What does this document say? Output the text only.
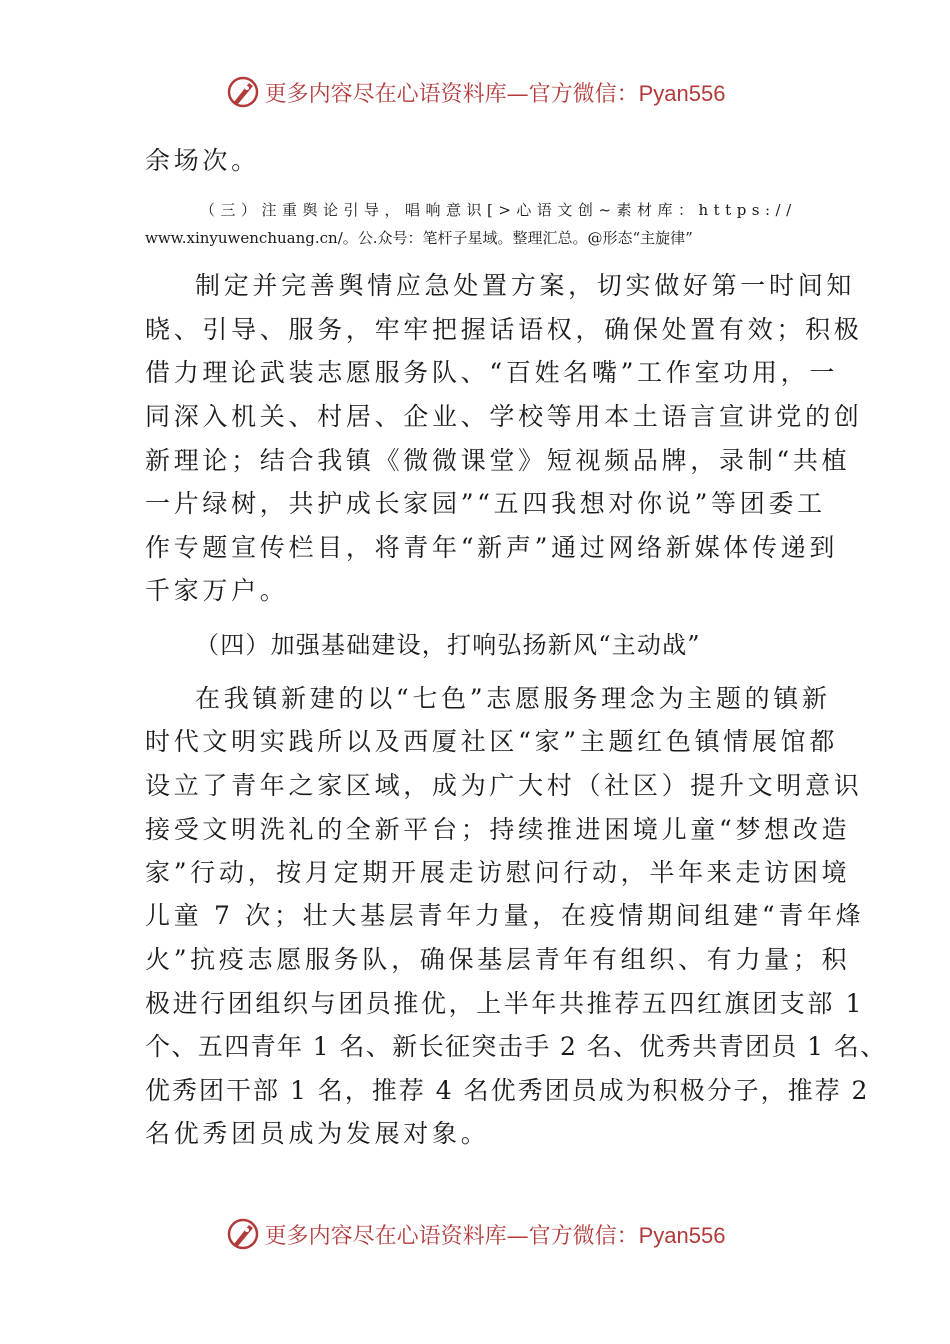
更多内容尽在心语资料库—官方微信：Pyan556
余场次。
（三）注重舆论引导，唱响意识[>心语文创~素材库：https://
www.xinyuwenchuang.cn/。公.众号：笔杆子星域。整理汇总。@形态“主旋律”
制定并完善舆情应急处置方案，切实做好第一时间知
晓、引导、服务，牢牢把握话语权，确保处置有效；积极
借力理论武装志愿服务队、“百姓名嘴”工作室功用，一
同深入机关、村居、企业、学校等用本土语言宣讲党的创
新理论；结合我镇《微微课堂》短视频品牌，录制“共植
一片绿树，共护成长家园”“五四我想对你说”等团委工
作专题宣传栏目，将青年“新声”通过网络新媒体传递到
千家万户。
（四）加强基础建设，打响弘扬新风“主动战”
在我镇新建的以“七色”志愿服务理念为主题的镇新
时代文明实践所以及西厦社区“家”主题红色镇情展馆都
设立了青年之家区域，成为广大村（社区）提升文明意识
接受文明洗礼的全新平台；持续推进困境儿童“梦想改造
家”行动，按月定期开展走访慰问行动，半年来走访困境
儿童 7 次；壮大基层青年力量，在疫情期间组建“青年烽
火”抗疫志愿服务队，确保基层青年有组织、有力量；积
极进行团组织与团员推优，上半年共推荐五四红旗团支部 1
个、五四青年 1 名、新长征突击手 2 名、优秀共青团员 1 名、
优秀团干部 1 名，推荐 4 名优秀团员成为积极分子，推荐 2
名优秀团员成为发展对象。
更多内容尽在心语资料库—官方微信：Pyan556
